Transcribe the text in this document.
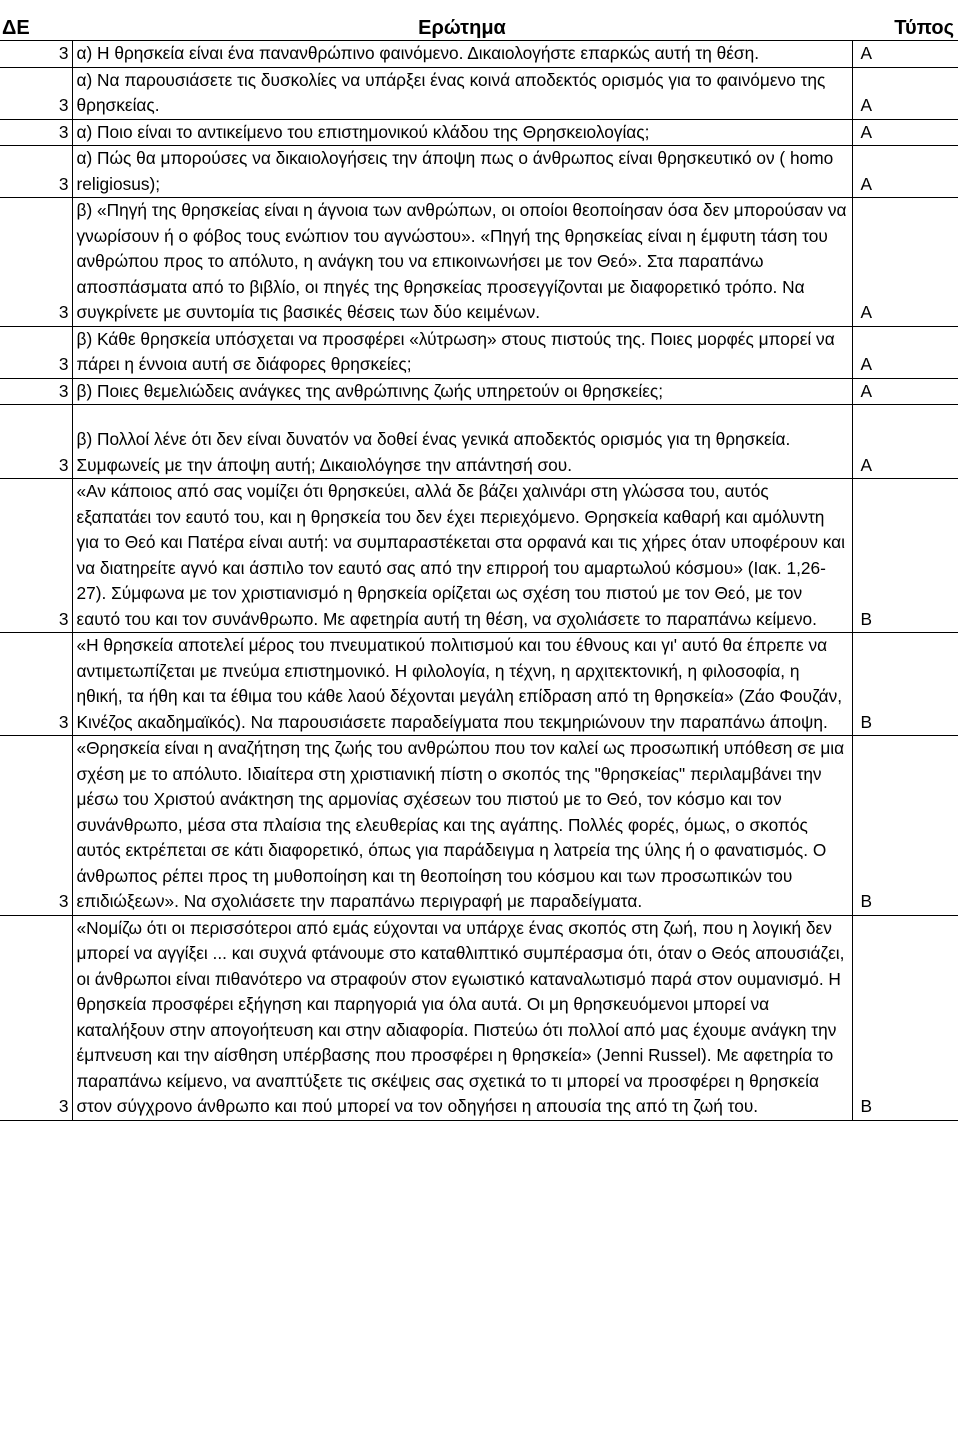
ΔΕ	Ερώτημα	Τύπος
3	α) Η θρησκεία είναι ένα πανανθρώπινο φαινόμενο. Δικαιολογήστε επαρκώς αυτή τη θέση.	Α
3	α) Να παρουσιάσετε τις δυσκολίες να υπάρξει ένας κοινά αποδεκτός ορισμός για το φαινόμενο της θρησκείας.	Α
3	α) Ποιο είναι το αντικείμενο του επιστημονικού κλάδου της Θρησκειολογίας;	Α
3	α) Πώς θα μπορούσες να δικαιολογήσεις την άποψη πως ο άνθρωπος είναι θρησκευτικό ον ( homo religiosus);	Α
3	β) «Πηγή της θρησκείας είναι η άγνοια των ανθρώπων, οι οποίοι θεοποίησαν όσα δεν μπορούσαν να γνωρίσουν ή ο φόβος τους ενώπιον του αγνώστου». «Πηγή της θρησκείας είναι η έμφυτη τάση του ανθρώπου προς το απόλυτο, η ανάγκη του να επικοινωνήσει με τον Θεό». Στα παραπάνω αποσπάσματα από το βιβλίο, οι πηγές της θρησκείας προσεγγίζονται με διαφορετικό τρόπο. Να συγκρίνετε με συντομία τις βασικές θέσεις των δύο κειμένων.	Α
3	β) Κάθε θρησκεία υπόσχεται να προσφέρει «λύτρωση» στους πιστούς της. Ποιες μορφές μπορεί να πάρει η έννοια αυτή σε διάφορες θρησκείες;	Α
3	β) Ποιες θεμελιώδεις ανάγκες της ανθρώπινης ζωής υπηρετούν οι θρησκείες;	Α
3	β) Πολλοί λένε ότι δεν είναι δυνατόν να δοθεί ένας γενικά αποδεκτός ορισμός για τη θρησκεία. Συμφωνείς με την άποψη αυτή; Δικαιολόγησε την απάντησή σου.	Α
3	«Αν κάποιος από σας νομίζει ότι θρησκεύει, αλλά δε βάζει χαλινάρι στη γλώσσα του, αυτός εξαπατάει τον εαυτό του, και η θρησκεία του δεν έχει περιεχόμενο. Θρησκεία καθαρή και αμόλυντη για το Θεό και Πατέρα είναι αυτή: να συμπαραστέκεται στα ορφανά και τις χήρες όταν υποφέρουν και να διατηρείτε αγνό και άσπιλο τον εαυτό σας από την επιρροή του αμαρτωλού κόσμου» (Ιακ. 1,26-27). Σύμφωνα με τον χριστιανισμό η θρησκεία ορίζεται ως σχέση του πιστού με τον Θεό, με τον εαυτό του και τον συνάνθρωπο. Με αφετηρία αυτή τη θέση, να σχολιάσετε το παραπάνω κείμενο.	Β
3	«Η θρησκεία αποτελεί μέρος του πνευματικού πολιτισμού και του έθνους και γι' αυτό θα έπρεπε να αντιμετωπίζεται με πνεύμα επιστημονικό. Η φιλολογία, η τέχνη, η αρχιτεκτονική, η φιλοσοφία, η ηθική, τα ήθη και τα έθιμα του κάθε λαού δέχονται μεγάλη επίδραση από τη θρησκεία» (Ζάο Φουζάν, Κινέζος ακαδημαϊκός). Να παρουσιάσετε παραδείγματα που τεκμηριώνουν την παραπάνω άποψη.	Β
3	«Θρησκεία είναι η αναζήτηση της ζωής του ανθρώπου που τον καλεί ως προσωπική υπόθεση σε μια σχέση με το απόλυτο. Ιδιαίτερα στη χριστιανική πίστη ο σκοπός της "θρησκείας" περιλαμβάνει την μέσω του Χριστού ανάκτηση της αρμονίας σχέσεων του πιστού με το Θεό, τον κόσμο και τον συνάνθρωπο, μέσα στα πλαίσια της ελευθερίας και της αγάπης. Πολλές φορές, όμως, ο σκοπός αυτός εκτρέπεται σε κάτι διαφορετικό, όπως για παράδειγμα η λατρεία της ύλης ή ο φανατισμός. Ο άνθρωπος ρέπει προς τη μυθοποίηση και τη θεοποίηση του κόσμου και των προσωπικών του επιδιώξεων». Να σχολιάσετε την παραπάνω περιγραφή με παραδείγματα.	Β
3	«Νομίζω ότι οι περισσότεροι από εμάς εύχονται να υπάρχε ένας σκοπός στη ζωή, που η λογική δεν μπορεί να αγγίξει ... και συχνά φτάνουμε στο καταθλιπτικό συμπέρασμα ότι, όταν ο Θεός απουσιάζει, οι άνθρωποι είναι πιθανότερο να στραφούν στον εγωιστικό καταναλωτισμό παρά στον ουμανισμό. Η θρησκεία προσφέρει εξήγηση και παρηγοριά για όλα αυτά. Οι μη θρησκευόμενοι μπορεί να καταλήξουν στην απογοήτευση και στην αδιαφορία. Πιστεύω ότι πολλοί από μας έχουμε ανάγκη την έμπνευση και την αίσθηση υπέρβασης που προσφέρει η θρησκεία» (Jenni Russel). Με αφετηρία το παραπάνω κείμενο, να αναπτύξετε τις σκέψεις σας σχετικά το τι μπορεί να προσφέρει η θρησκεία στον σύγχρονο άνθρωπο και πού μπορεί να τον οδηγήσει η απουσία της από τη ζωή του.	Β
